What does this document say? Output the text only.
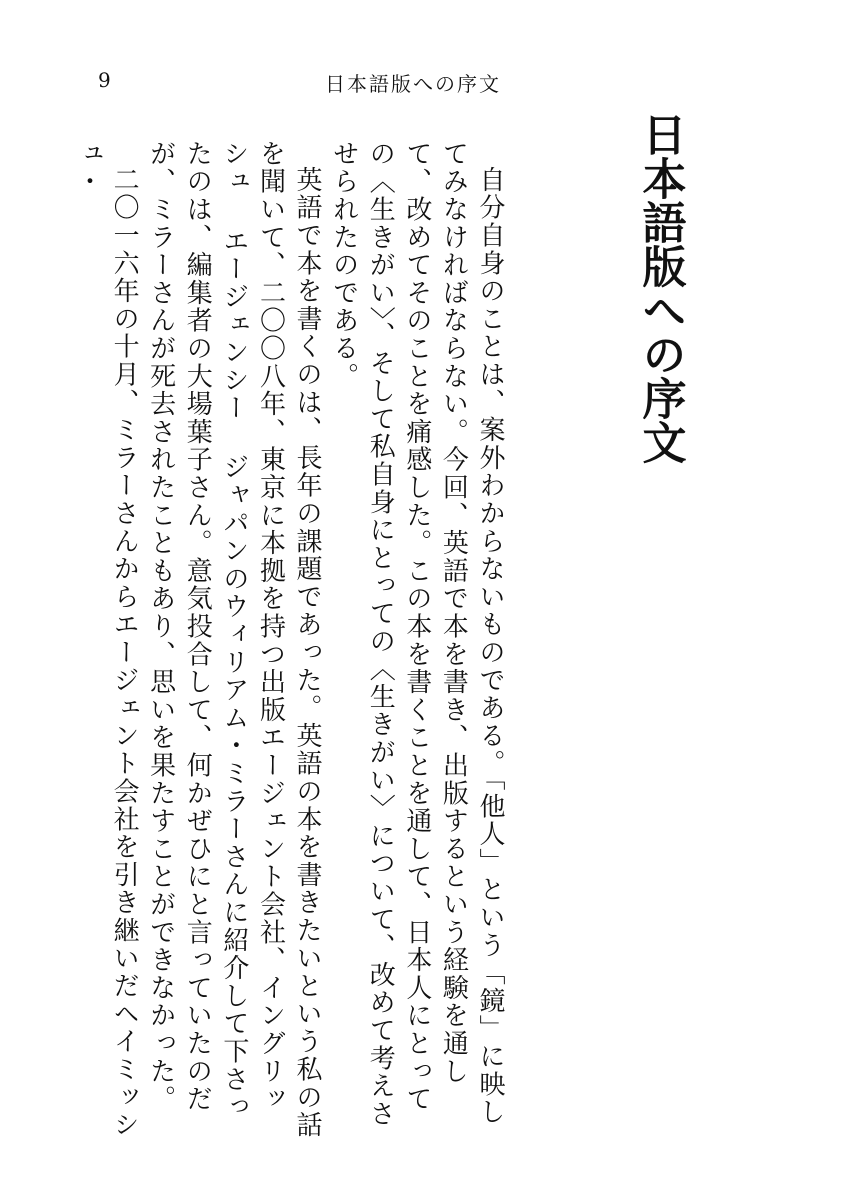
9	日本語版への序文
日本語版への序文

自分自身のことは、案外わからないものである。「他人」という「鏡」に映してみなければならない。今回、英語で本を書き、出版するという経験を通して、改めてそのことを痛感した。この本を書くことを通して、日本人にとっての〈生きがい〉、そして私自身にとっての〈生きがい〉について、改めて考えさせられたのである。

英語で本を書くのは、長年の課題であった。英語の本を書きたいという私の話を聞いて、二〇〇八年、東京に本拠を持つ出版エージェント会社、イングリッシュ エージェンシー ジャパンのウィリアム・ミラーさんに紹介して下さったのは、編集者の大場葉子さん。意気投合して、何かぜひにと言っていたのだが、ミラーさんが死去されたこともあり、思いを果たすことができなかった。

二〇一六年の十月、ミラーさんからエージェント会社を引き継いだヘイミッシュ・
